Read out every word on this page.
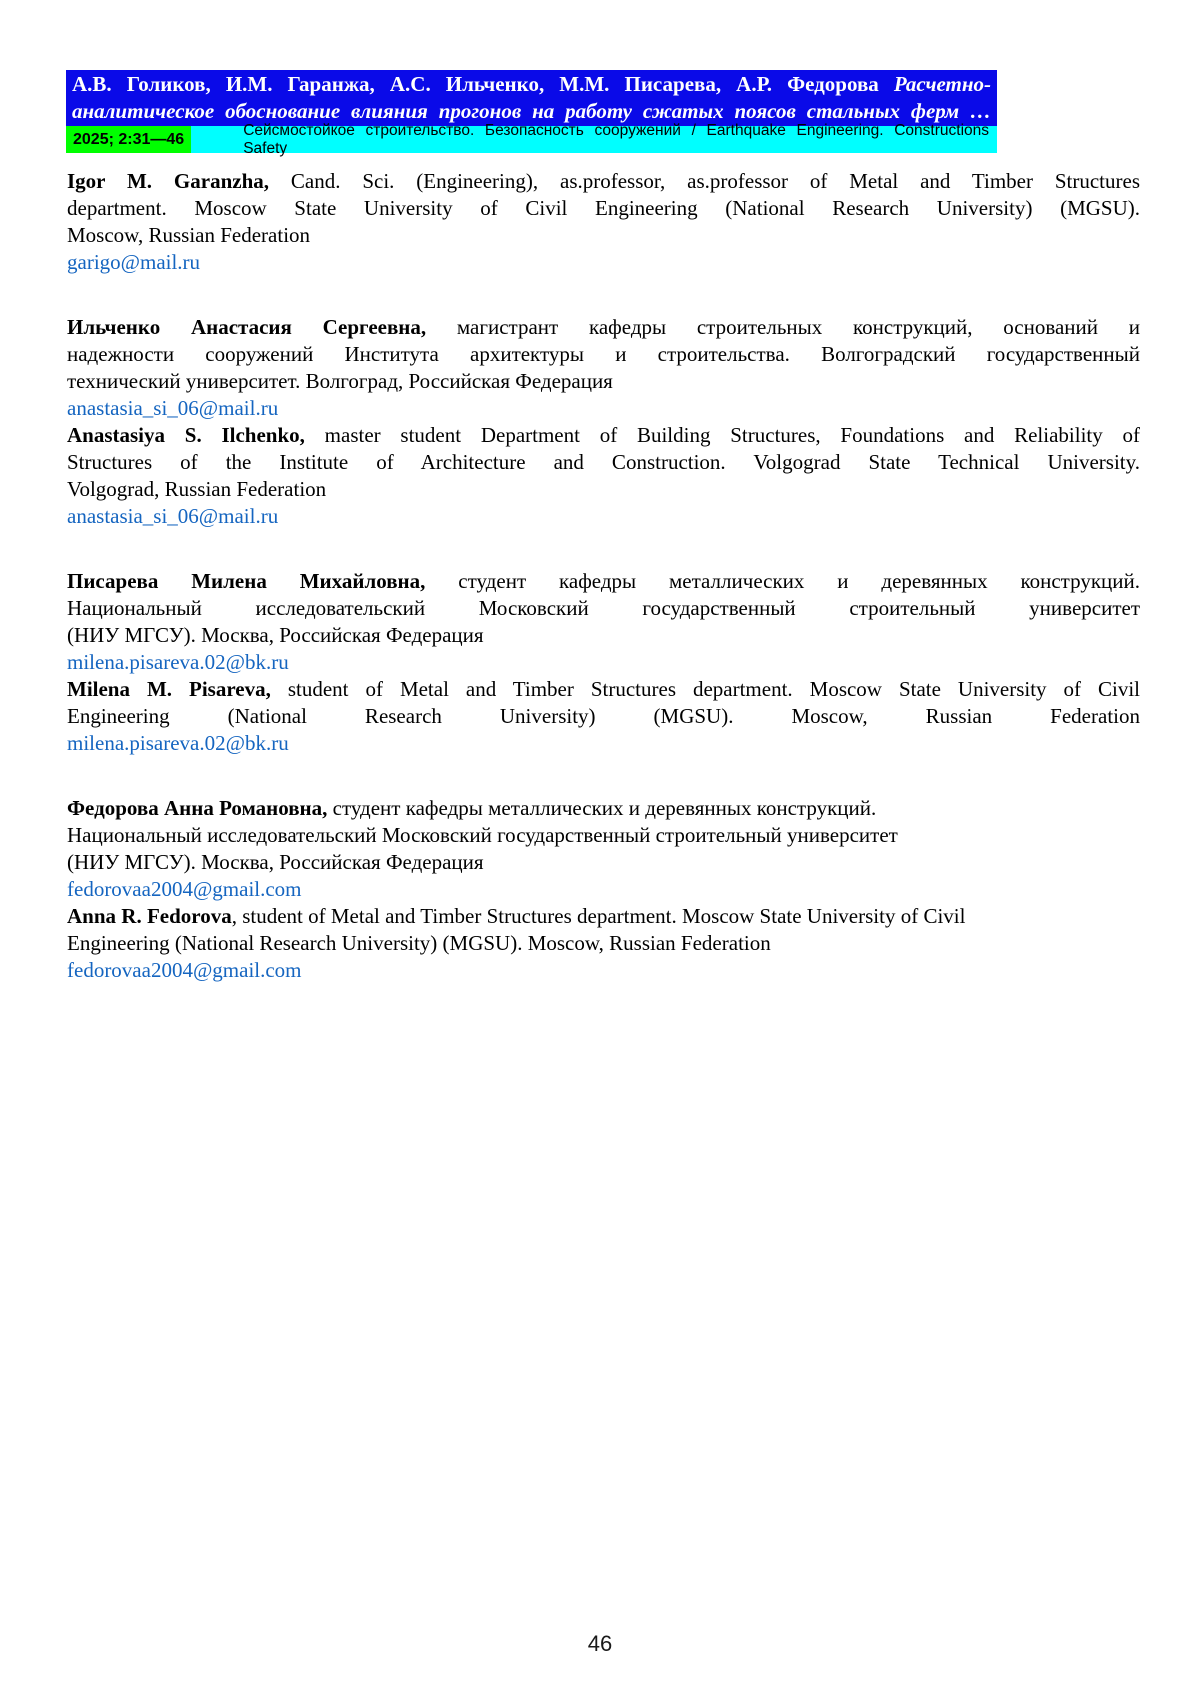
А.В. Голиков, И.М. Гаранжа, А.С. Ильченко, М.М. Писарева, А.Р. Федорова Расчетно-
аналитическое обоснование влияния прогонов на работу сжатых поясов стальных ферм …
2025; 2:31—46
Сейсмостойкое строительство. Безопасность сооружений / Earthquake Engineering. Constructions Safety
Igor M. Garanzha, Cand. Sci. (Engineering), as.professor, as.professor of Metal and Timber Structures
department. Moscow State University of Civil Engineering (National Research University) (MGSU).
Moscow, Russian Federation
garigo@mail.ru
Ильченко Анастасия Сергеевна, магистрант кафедры строительных конструкций, оснований и
надежности сооружений Института архитектуры и строительства. Волгоградский государственный
технический университет. Волгоград, Российская Федерация
anastasia_si_06@mail.ru
Anastasiya S. Ilchenko, master student Department of Building Structures, Foundations and Reliability of
Structures of the Institute of Architecture and Construction. Volgograd State Technical University.
Volgograd, Russian Federation
anastasia_si_06@mail.ru
Писарева Милена Михайловна, студент кафедры металлических и деревянных конструкций.
Национальный исследовательский Московский государственный строительный университет
(НИУ МГСУ). Москва, Российская Федерация
milena.pisareva.02@bk.ru
Milena M. Pisareva, student of Metal and Timber Structures department. Moscow State University of Civil
Engineering (National Research University) (MGSU). Moscow, Russian Federation
milena.pisareva.02@bk.ru
Федорова Анна Романовна, студент кафедры металлических и деревянных конструкций.
Национальный исследовательский Московский государственный строительный университет
(НИУ МГСУ). Москва, Российская Федерация
fedorovaa2004@gmail.com
Anna R. Fedorova, student of Metal and Timber Structures department. Moscow State University of Civil
Engineering (National Research University) (MGSU). Moscow, Russian Federation
fedorovaa2004@gmail.com
46
